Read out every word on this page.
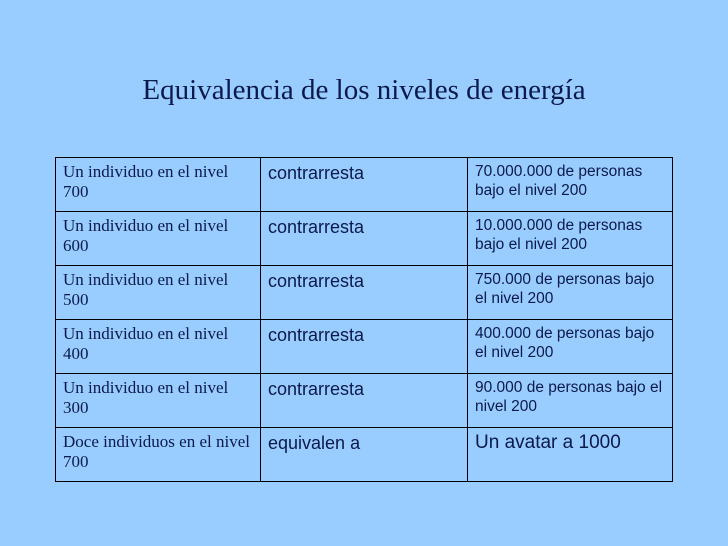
Equivalencia de los niveles de energía
Un individuo en el nivel 700	contrarresta	70.000.000 de personas bajo el nivel 200

Un individuo en el nivel 600	contrarresta	10.000.000 de personas bajo el nivel 200

Un individuo en el nivel 500	contrarresta	750.000 de personas bajo el nivel 200

Un individuo en el nivel 400	contrarresta	400.000 de personas bajo el nivel 200

Un individuo en el nivel 300	contrarresta	90.000 de personas bajo el nivel 200

Doce individuos en el nivel 700	equivalen a	Un avatar a 1000
